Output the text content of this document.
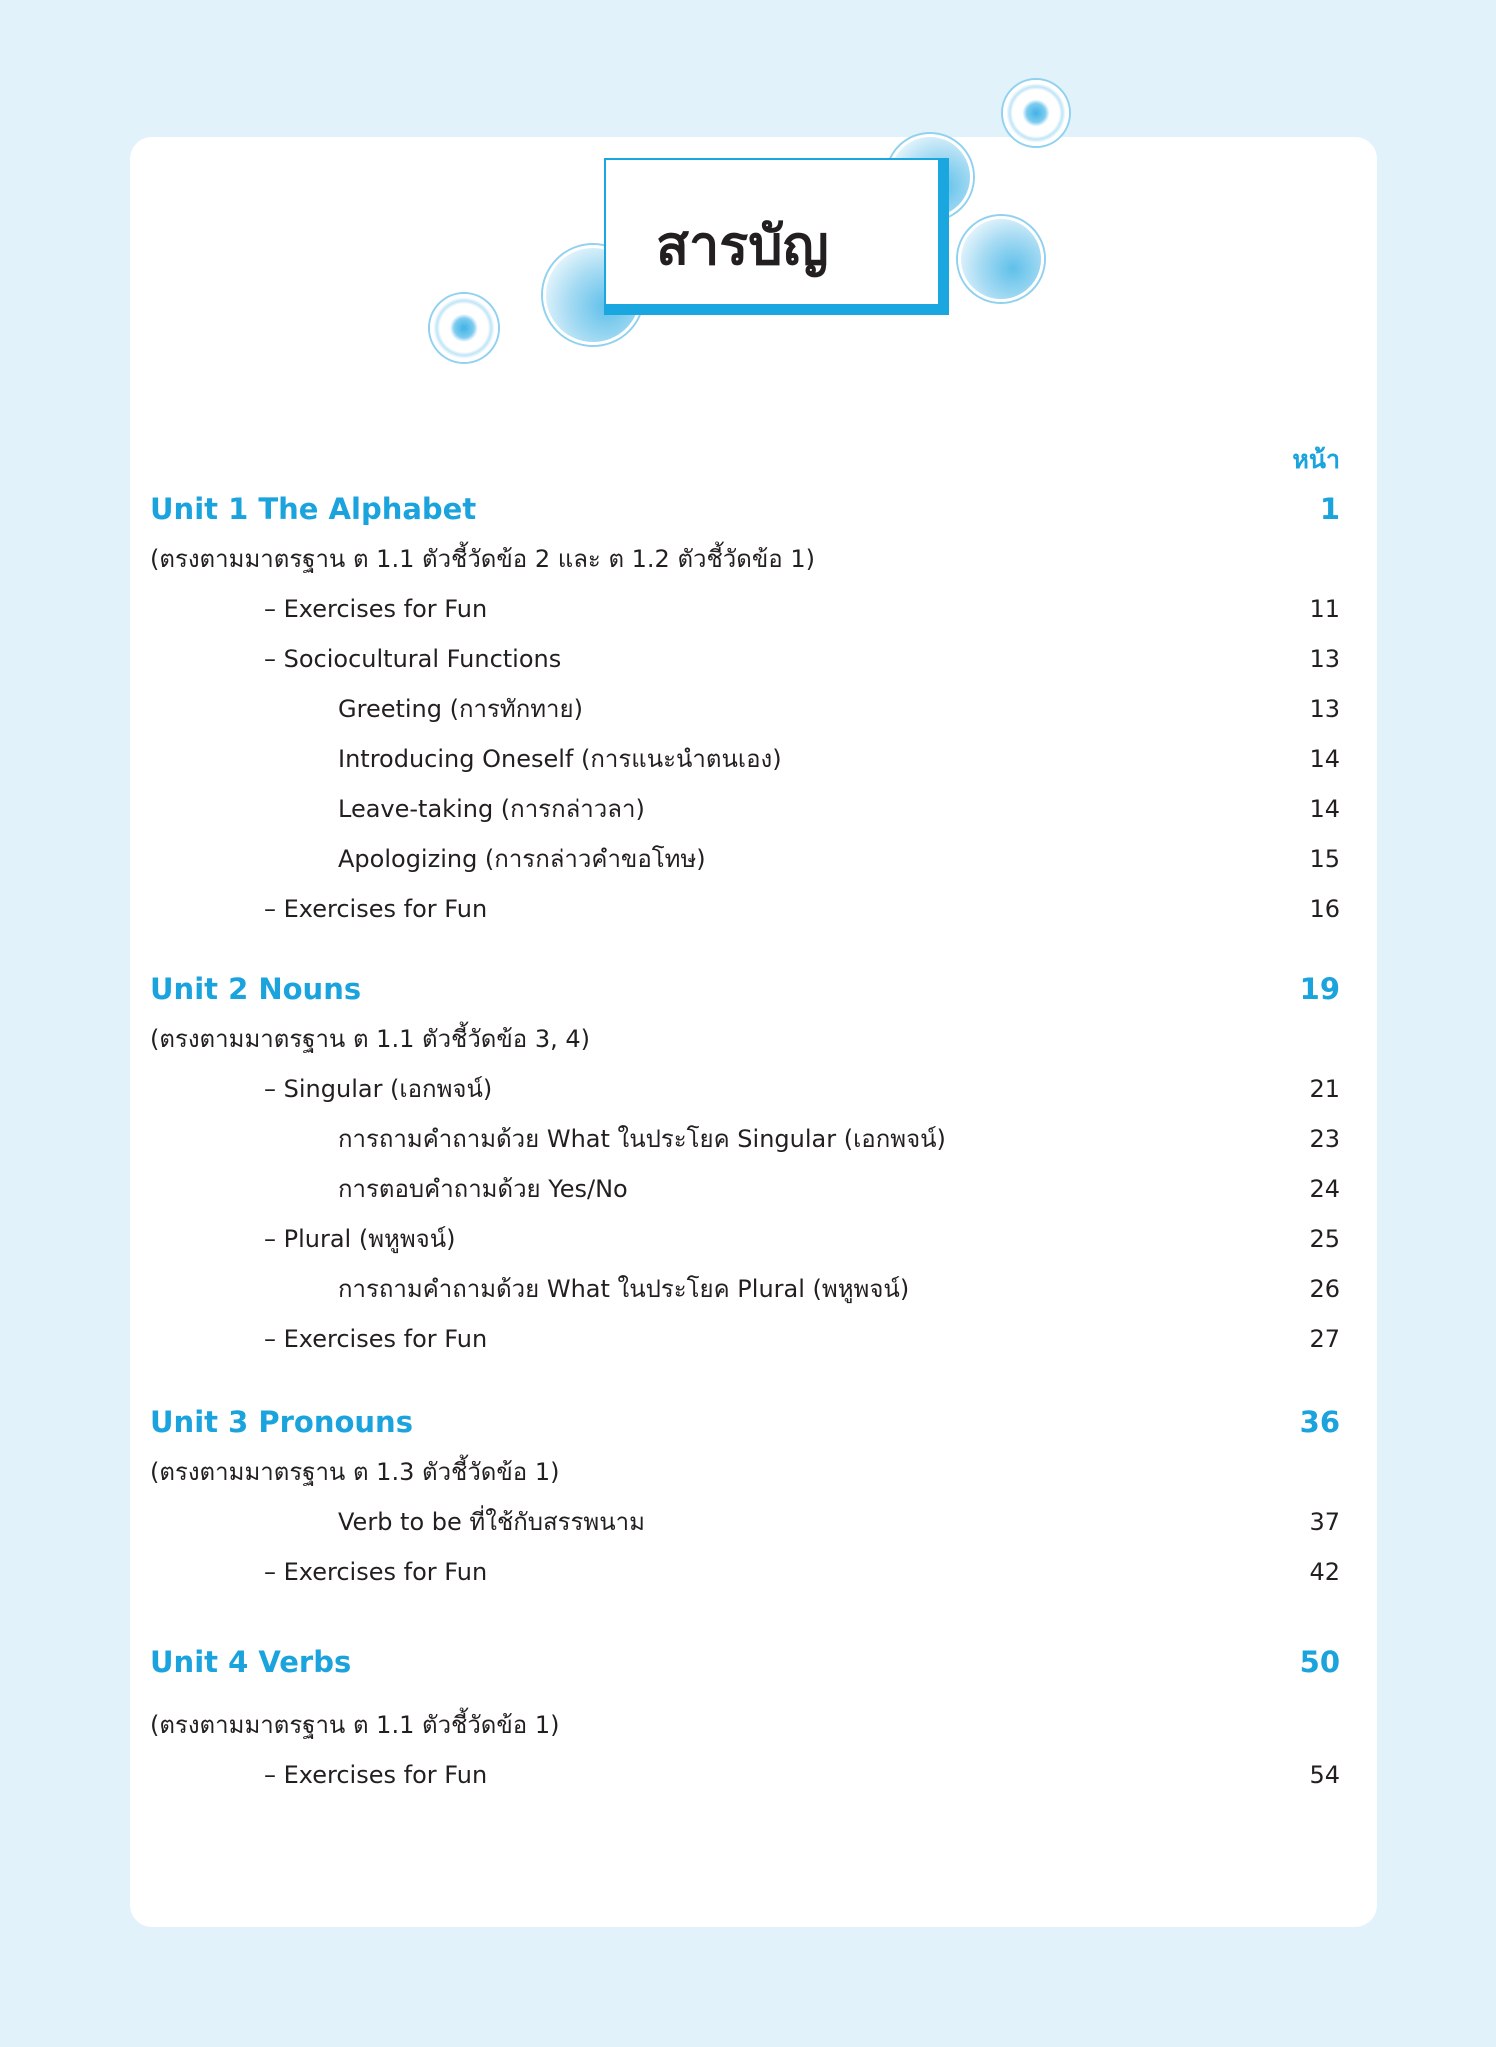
สารบัญ
หน้า
Unit 1 The Alphabet	1
(ตรงตามมาตรฐาน ต 1.1 ตัวชี้วัดข้อ 2 และ ต 1.2 ตัวชี้วัดข้อ 1)
– Exercises for Fun	11
– Sociocultural Functions	13
Greeting (การทักทาย)	13
Introducing Oneself (การแนะนำตนเอง)	14
Leave-taking (การกล่าวลา)	14
Apologizing (การกล่าวคำขอโทษ)	15
– Exercises for Fun	16
Unit 2 Nouns	19
(ตรงตามมาตรฐาน ต 1.1 ตัวชี้วัดข้อ 3, 4)
– Singular (เอกพจน์)	21
การถามคำถามด้วย What ในประโยค Singular (เอกพจน์)	23
การตอบคำถามด้วย Yes/No	24
– Plural (พหูพจน์)	25
การถามคำถามด้วย What ในประโยค Plural (พหูพจน์)	26
– Exercises for Fun	27
Unit 3 Pronouns	36
(ตรงตามมาตรฐาน ต 1.3 ตัวชี้วัดข้อ 1)
Verb to be ที่ใช้กับสรรพนาม	37
– Exercises for Fun	42
Unit 4 Verbs	50
(ตรงตามมาตรฐาน ต 1.1 ตัวชี้วัดข้อ 1)
– Exercises for Fun	54
